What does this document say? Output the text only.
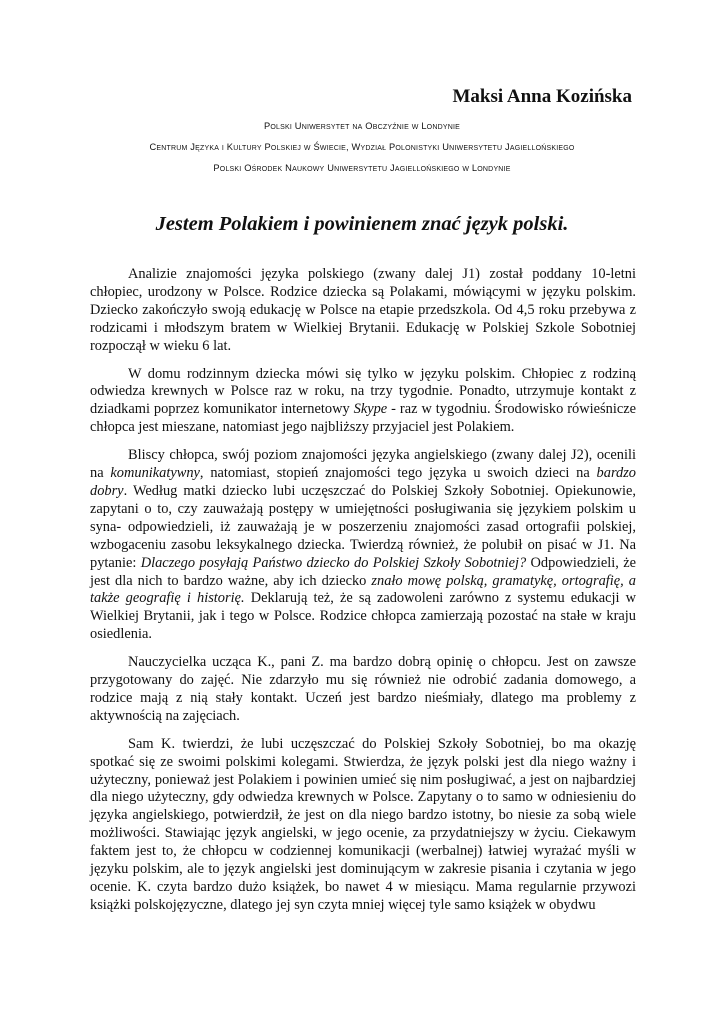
Maksi Anna Kozińska

Polski Uniwersytet na Obczyźnie w Londynie

Centrum Języka i Kultury Polskiej w Świecie, Wydział Polonistyki Uniwersytetu Jagiellońskiego

Polski Ośrodek Naukowy Uniwersytetu Jagiellońskiego w Londynie

Jestem Polakiem i powinienem znać język polski.

Analizie znajomości języka polskiego (zwany dalej J1) został poddany 10-letni chłopiec, urodzony w Polsce. Rodzice dziecka są Polakami, mówiącymi w języku polskim. Dziecko zakończyło swoją edukację w Polsce na etapie przedszkola. Od 4,5 roku przebywa z rodzicami i młodszym bratem w Wielkiej Brytanii. Edukację w Polskiej Szkole Sobotniej rozpoczął w wieku 6 lat.

W domu rodzinnym dziecka mówi się tylko w języku polskim. Chłopiec z rodziną odwiedza krewnych w Polsce raz w roku, na trzy tygodnie. Ponadto, utrzymuje kontakt z dziadkami poprzez komunikator internetowy Skype - raz w tygodniu. Środowisko rówieśnicze chłopca jest mieszane, natomiast jego najbliższy przyjaciel jest Polakiem.

Bliscy chłopca, swój poziom znajomości języka angielskiego (zwany dalej J2), ocenili na komunikatywny, natomiast, stopień znajomości tego języka u swoich dzieci na bardzo dobry. Według matki dziecko lubi uczęszczać do Polskiej Szkoły Sobotniej. Opiekunowie, zapytani o to, czy zauważają postępy w umiejętności posługiwania się językiem polskim u syna- odpowiedzieli, iż zauważają je w poszerzeniu znajomości zasad ortografii polskiej, wzbogaceniu zasobu leksykalnego dziecka. Twierdzą również, że polubił on pisać w J1. Na pytanie: Dlaczego posyłają Państwo dziecko do Polskiej Szkoły Sobotniej? Odpowiedzieli, że jest dla nich to bardzo ważne, aby ich dziecko znało mowę polską, gramatykę, ortografię, a także geografię i historię. Deklarują też, że są zadowoleni zarówno z systemu edukacji w Wielkiej Brytanii, jak i tego w Polsce. Rodzice chłopca zamierzają pozostać na stałe w kraju osiedlenia.

Nauczycielka ucząca K., pani Z. ma bardzo dobrą opinię o chłopcu. Jest on zawsze przygotowany do zajęć. Nie zdarzyło mu się również nie odrobić zadania domowego, a rodzice mają z nią stały kontakt. Uczeń jest bardzo nieśmiały, dlatego ma problemy z aktywnością na zajęciach.

Sam K. twierdzi, że lubi uczęszczać do Polskiej Szkoły Sobotniej, bo ma okazję spotkać się ze swoimi polskimi kolegami. Stwierdza, że język polski jest dla niego ważny i użyteczny, ponieważ jest Polakiem i powinien umieć się nim posługiwać, a jest on najbardziej dla niego użyteczny, gdy odwiedza krewnych w Polsce. Zapytany o to samo w odniesieniu do języka angielskiego, potwierdził, że jest on dla niego bardzo istotny, bo niesie za sobą wiele możliwości. Stawiając język angielski, w jego ocenie, za przydatniejszy w życiu. Ciekawym faktem jest to, że chłopcu w codziennej komunikacji (werbalnej) łatwiej wyrażać myśli w języku polskim, ale to język angielski jest dominującym w zakresie pisania i czytania w jego ocenie. K. czyta bardzo dużo książek, bo nawet 4 w miesiącu. Mama regularnie przywozi książki polskojęzyczne, dlatego jej syn czyta mniej więcej tyle samo książek w obydwu
